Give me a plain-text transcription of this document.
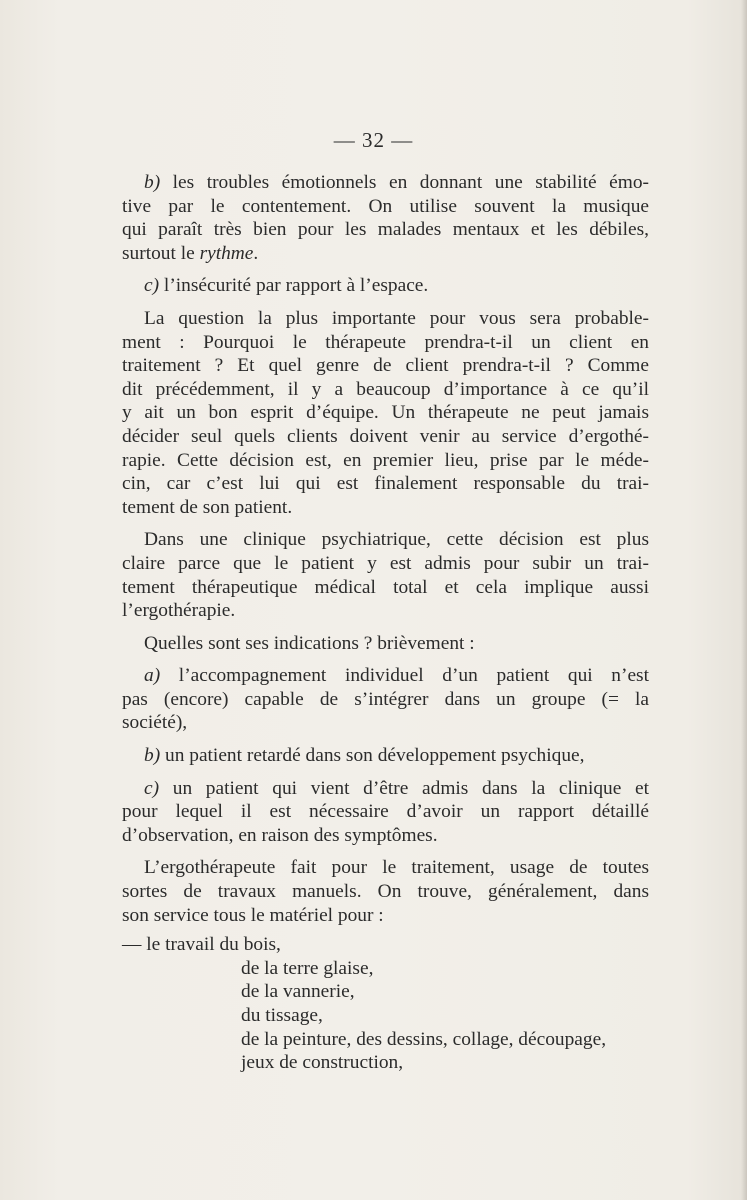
— 32 —
b) les troubles émotionnels en donnant une stabilité émo-
tive par le contentement. On utilise souvent la musique
qui paraît très bien pour les malades mentaux et les débiles,
surtout le rythme.
c) l’insécurité par rapport à l’espace.
La question la plus importante pour vous sera probable-
ment : Pourquoi le thérapeute prendra-t-il un client en
traitement ? Et quel genre de client prendra-t-il ? Comme
dit précédemment, il y a beaucoup d’importance à ce qu’il
y ait un bon esprit d’équipe. Un thérapeute ne peut jamais
décider seul quels clients doivent venir au service d’ergothé-
rapie. Cette décision est, en premier lieu, prise par le méde-
cin, car c’est lui qui est finalement responsable du trai-
tement de son patient.
Dans une clinique psychiatrique, cette décision est plus
claire parce que le patient y est admis pour subir un trai-
tement thérapeutique médical total et cela implique aussi
l’ergothérapie.
Quelles sont ses indications ? brièvement :
a) l’accompagnement individuel d’un patient qui n’est
pas (encore) capable de s’intégrer dans un groupe (= la
société),
b) un patient retardé dans son développement psychique,
c) un patient qui vient d’être admis dans la clinique et
pour lequel il est nécessaire d’avoir un rapport détaillé
d’observation, en raison des symptômes.
L’ergothérapeute fait pour le traitement, usage de toutes
sortes de travaux manuels. On trouve, généralement, dans
son service tous le matériel pour :
— le travail du bois,
de la terre glaise,
de la vannerie,
du tissage,
de la peinture, des dessins, collage, découpage,
jeux de construction,
